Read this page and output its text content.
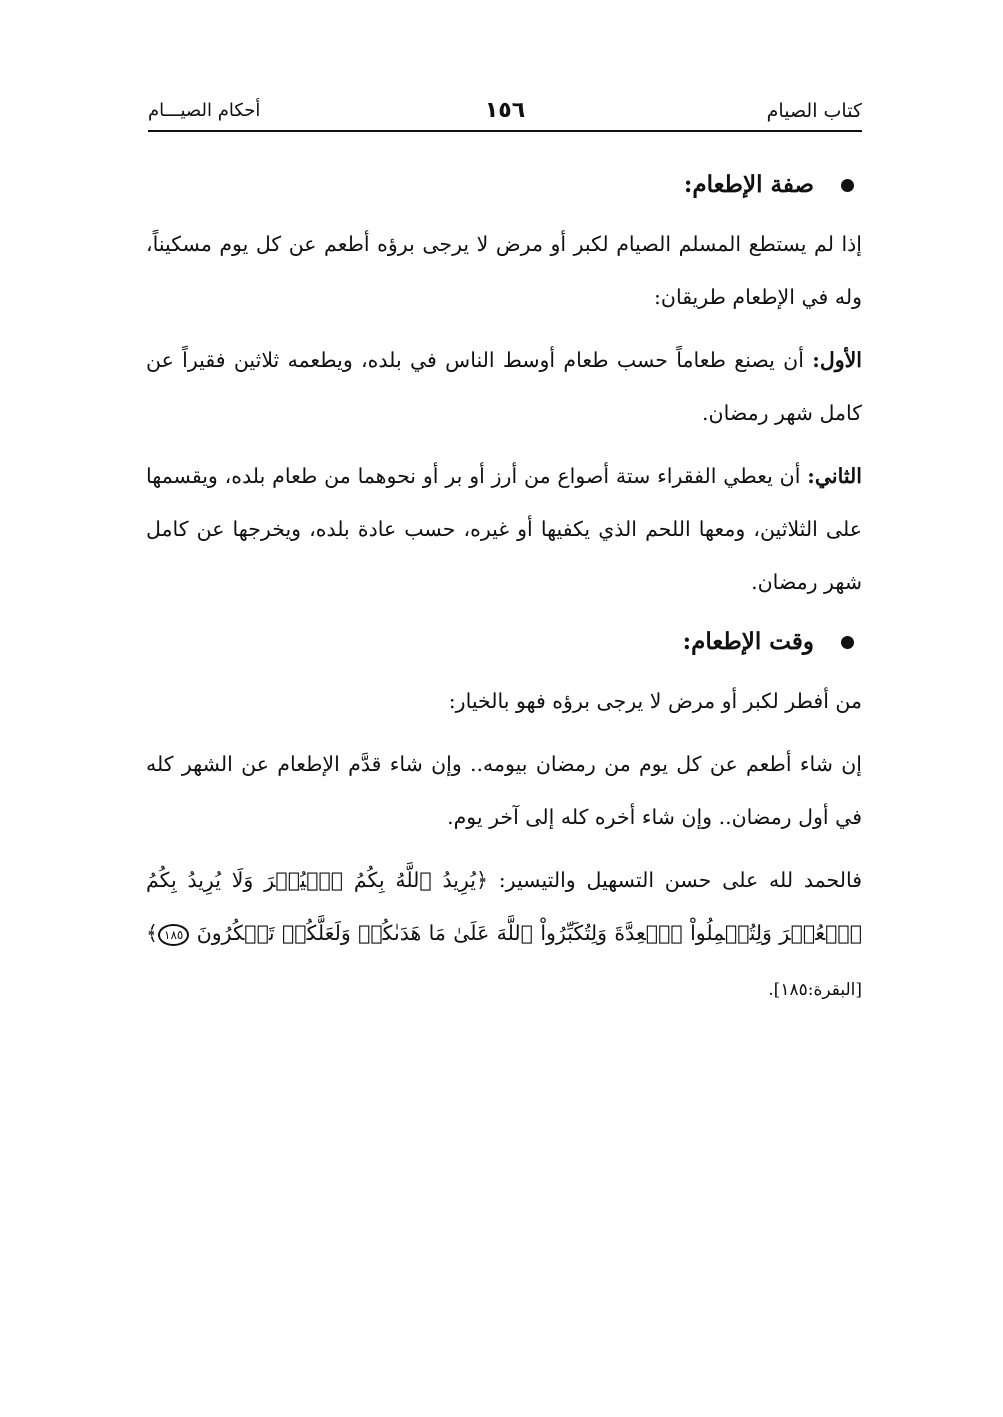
كتاب الصيام
١٥٦
أحكام الصيـــام
صفة الإطعام:

إذا لم يستطع المسلم الصيام لكبر أو مرض لا يرجى برؤه أطعم عن كل يوم مسكيناً، وله في الإطعام طريقان:

الأول: أن يصنع طعاماً حسب طعام أوسط الناس في بلده، ويطعمه ثلاثين فقيراً عن كامل شهر رمضان.

الثاني: أن يعطي الفقراء ستة أصواع من أرز أو بر أو نحوهما من طعام بلده، ويقسمها على الثلاثين، ومعها اللحم الذي يكفيها أو غيره، حسب عادة بلده، ويخرجها عن كامل شهر رمضان.

وقت الإطعام:

من أفطر لكبر أو مرض لا يرجى برؤه فهو بالخيار:

إن شاء أطعم عن كل يوم من رمضان بيومه.. وإن شاء قدَّم الإطعام عن الشهر كله في أول رمضان.. وإن شاء أخره كله إلى آخر يوم.

فالحمد لله على حسن التسهيل والتيسير: ﴿يُرِيدُ ٱللَّهُ بِكُمُ ٱلۡيُسۡرَ وَلَا يُرِيدُ بِكُمُ ٱلۡعُسۡرَ وَلِتُكۡمِلُواْ ٱلۡعِدَّةَ وَلِتُكَبِّرُواْ ٱللَّهَ عَلَىٰ مَا هَدَىٰكُمۡ وَلَعَلَّكُمۡ تَشۡكُرُونَ ١٨٥﴾ [البقرة:١٨٥].
